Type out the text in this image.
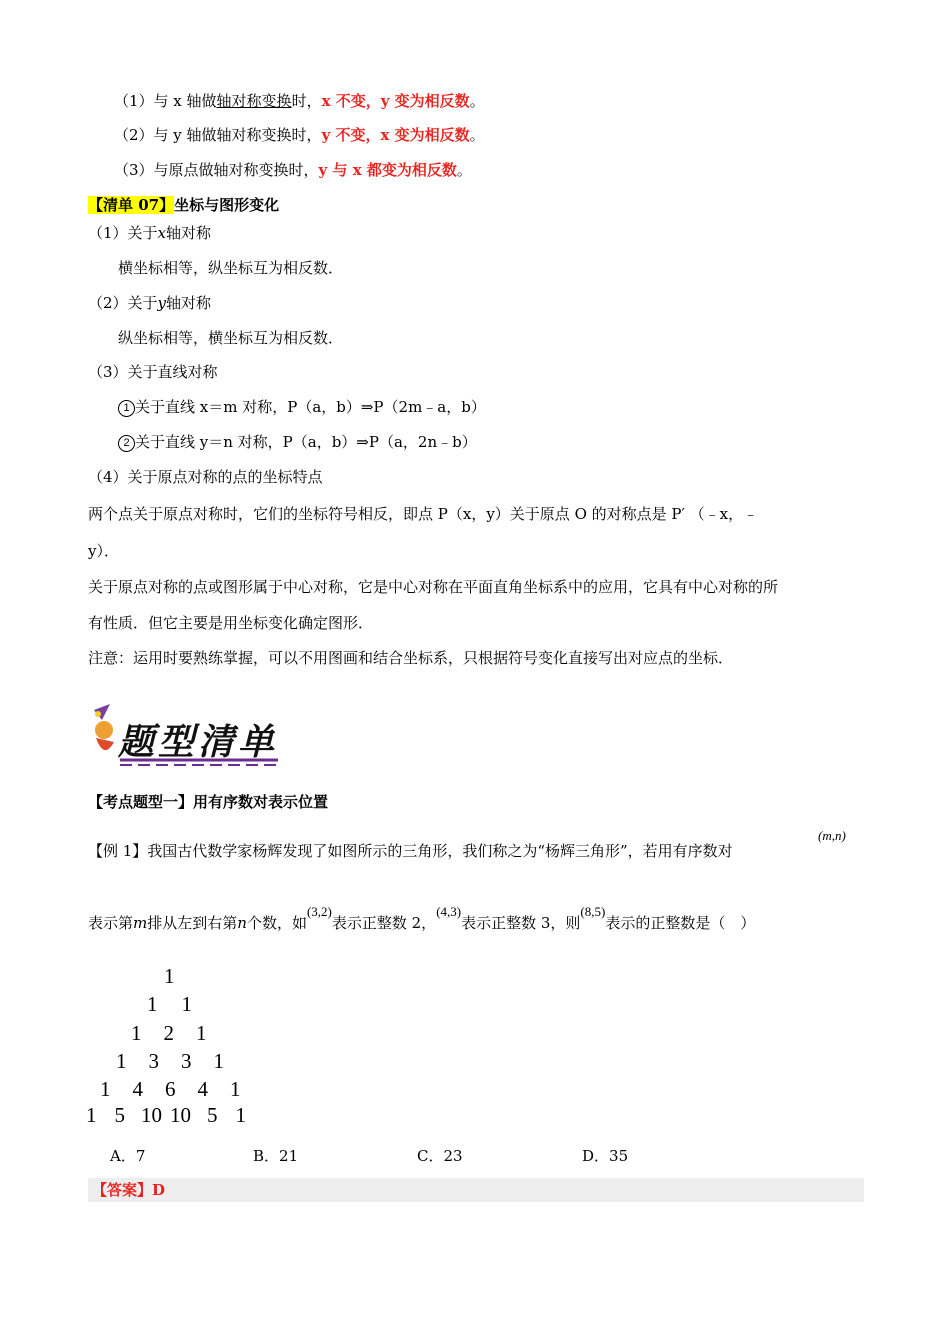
（1）与 x 轴做轴对称变换时，x 不变，y 变为相反数。
（2）与 y 轴做轴对称变换时，y 不变，x 变为相反数。
（3）与原点做轴对称变换时，y 与 x 都变为相反数。
【清单 07】坐标与图形变化
（1）关于x轴对称
横坐标相等，纵坐标互为相反数．
（2）关于y轴对称
纵坐标相等，横坐标互为相反数．
（3）关于直线对称
1 关于直线 x＝m 对称，P（a，b）⇒P（2m﹣a，b）
2 关于直线 y＝n 对称，P（a，b）⇒P（a，2n﹣b）
（4）关于原点对称的点的坐标特点
两个点关于原点对称时，它们的坐标符号相反，即点 P（x，y）关于原点 O 的对称点是 P′ （﹣x，﹣
y）．
关于原点对称的点或图形属于中心对称，它是中心对称在平面直角坐标系中的应用，它具有中心对称的所
有性质．但它主要是用坐标变化确定图形．
注意：运用时要熟练掌握，可以不用图画和结合坐标系，只根据符号变化直接写出对应点的坐标．
题型清单
【考点题型一】用有序数对表示位置
【例 1】我国古代数学家杨辉发现了如图所示的三角形，我们称之为“杨辉三角形”，若用有序数对
(m,n)
表示第m排从左到右第n个数，如(3,2)表示正整数 2，(4,3)表示正整数 3，则(8,5)表示的正整数是（　）
1
1 1
1 2 1
1 3 3 1
1 4 6 4 1
1 5 10 10 5 1
A．7	B．21	C．23	D．35
【答案】D
